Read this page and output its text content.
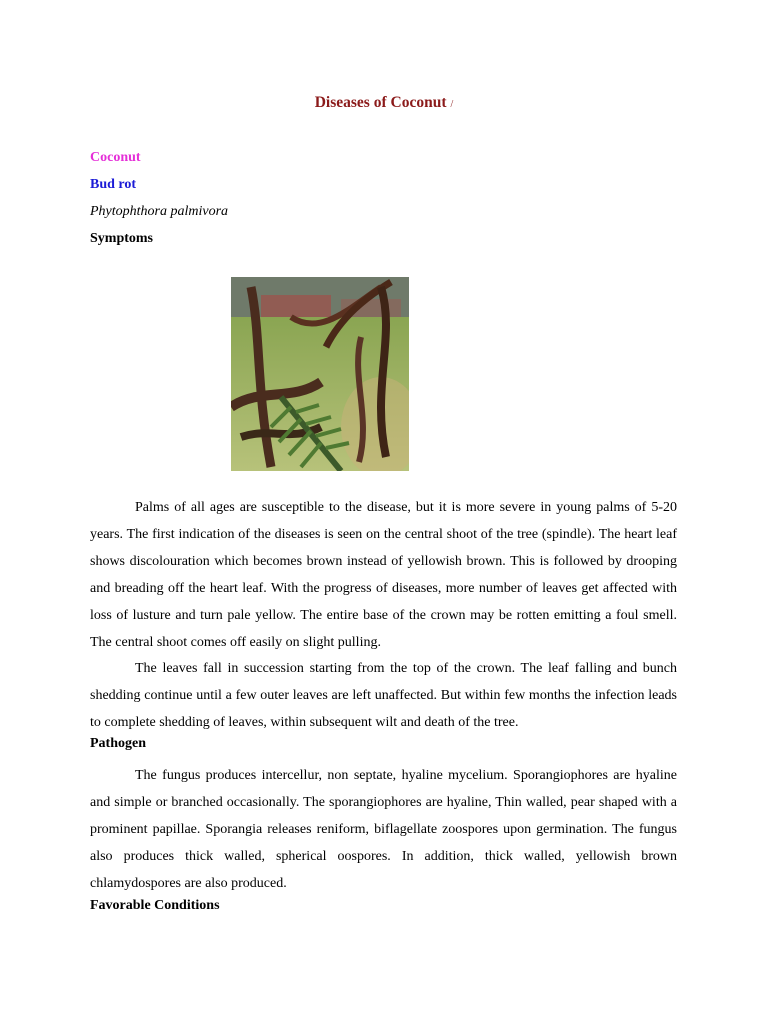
Diseases of Coconut /
Coconut
Bud rot
Phytophthora palmivora
Symptoms

Palms of all ages are susceptible to the disease, but it is more severe in young palms of 5-20 years. The first indication of the diseases is seen on the central shoot of the tree (spindle). The heart leaf shows discolouration which becomes brown instead of yellowish brown. This is followed by drooping and breading off the heart leaf. With the progress of diseases, more number of leaves get affected with loss of lusture and turn pale yellow. The entire base of the crown may be rotten emitting a foul smell. The central shoot comes off easily on slight pulling.

The leaves fall in succession starting from the top of the crown. The leaf falling and bunch shedding continue until a few outer leaves are left unaffected. But within few months the infection leads to complete shedding of leaves, within subsequent wilt and death of the tree.

Pathogen

The fungus produces intercellur, non septate, hyaline mycelium. Sporangiophores are hyaline and simple or branched occasionally. The sporangiophores are hyaline, Thin walled, pear shaped with a prominent papillae. Sporangia releases reniform, biflagellate zoospores upon germination. The fungus also produces thick walled, spherical oospores. In addition, thick walled, yellowish brown chlamydospores are also produced.

Favorable Conditions
